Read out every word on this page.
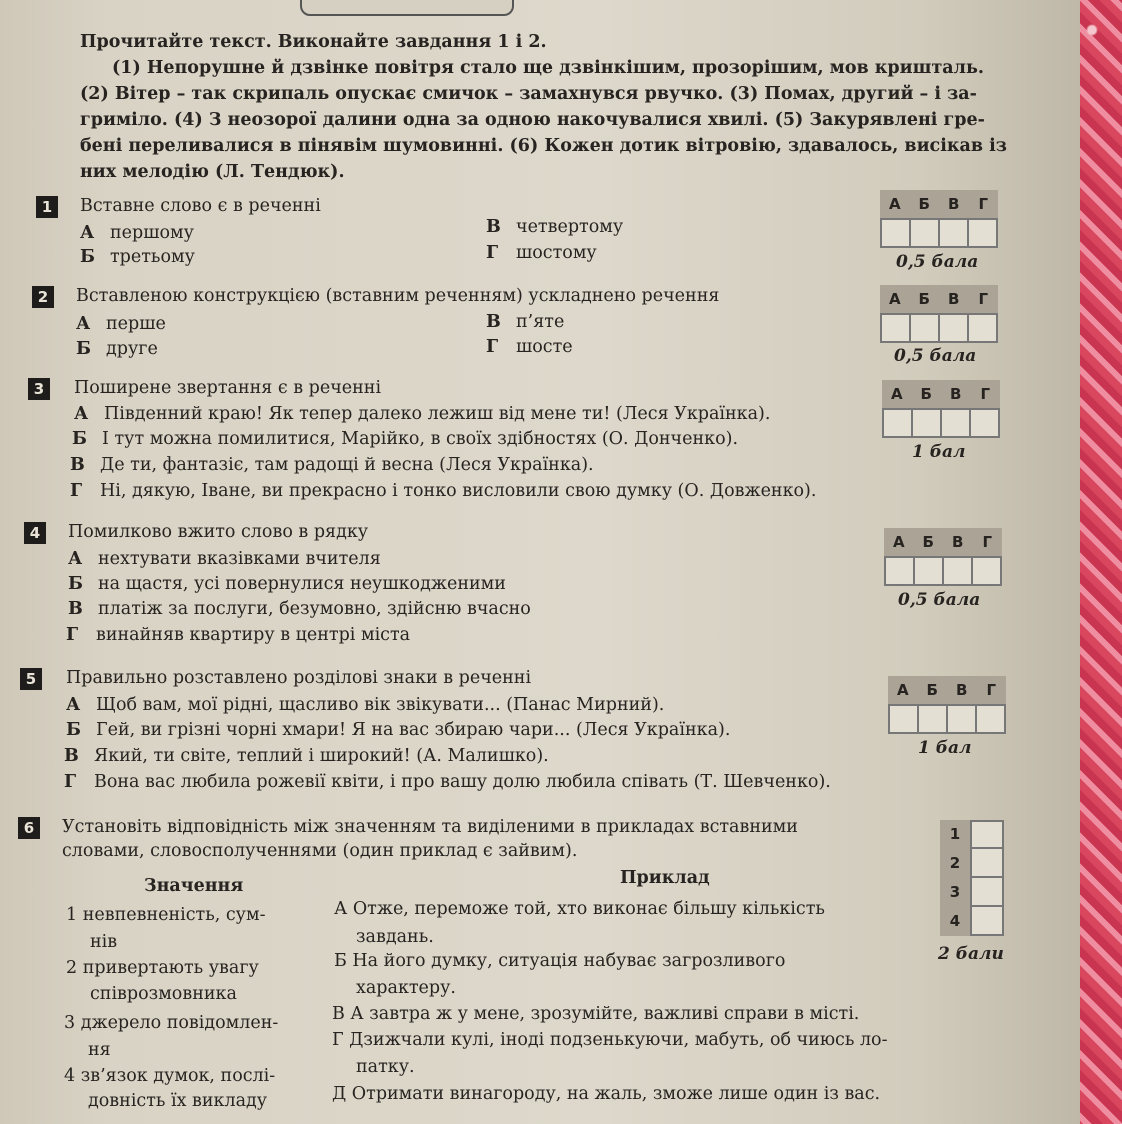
Прочитайте текст. Виконайте завдання 1 і 2.
(1) Непорушне й дзвінке повітря стало ще дзвінкішим, прозорішим, мов кришталь.
(2) Вітер – так скрипаль опускає смичок – замахнувся рвучко. (3) Помах, другий – і за-
гриміло. (4) З неозорої далини одна за одною накочувалися хвилі. (5) Закурявлені гре-
бені переливалися в пінявім шумовинні. (6) Кожен дотик вітровію, здавалось, висікав із
них мелодію (Л. Тендюк).
1	Вставне слово є в реченні
А першому
Б третьому
В четвертому
Г шостому
А	Б	В	Г
0,5 бала
2	Вставленою конструкцією (вставним реченням) ускладнено речення
А перше
Б друге
В п’яте
Г шосте
А	Б	В	Г
0,5 бала
3	Поширене звертання є в реченні
А Південний краю! Як тепер далеко лежиш від мене ти! (Леся Українка).
Б І тут можна помилитися, Марійко, в своїх здібностях (О. Донченко).
В Де ти, фантазіє, там радощі й весна (Леся Українка).
Г Ні, дякую, Іване, ви прекрасно і тонко висловили свою думку (О. Довженко).
А	Б	В	Г
1 бал
4	Помилково вжито слово в рядку
А нехтувати вказівками вчителя
Б на щастя, усі повернулися неушкодженими
В платіж за послуги, безумовно, здійсню вчасно
Г винайняв квартиру в центрі міста
А	Б	В	Г
0,5 бала
5	Правильно розставлено розділові знаки в реченні
А Щоб вам, мої рідні, щасливо вік звікувати... (Панас Мирний).
Б Гей, ви грізні чорні хмари! Я на вас збираю чари... (Леся Українка).
В Який, ти світе, теплий і широкий! (А. Малишко).
Г Вона вас любила рожевії квіти, і про вашу долю любила співать (Т. Шевченко).
А	Б	В	Г
1 бал
6	Установіть відповідність між значенням та виділеними в прикладах вставними
словами, словосполученнями (один приклад є зайвим).
Значення	Приклад
1 невпевненість, сум-
нів
2 привертають увагу
співрозмовника
3 джерело повідомлен-
ня
4 зв’язок думок, послі-
довність їх викладу
А Отже, переможе той, хто виконає більшу кількість
завдань.
Б На його думку, ситуація набуває загрозливого
характеру.
В А завтра ж у мене, зрозумійте, важливі справи в місті.
Г Дзижчали кулі, іноді подзенькуючи, мабуть, об чиюсь ло-
патку.
Д Отримати винагороду, на жаль, зможе лише один із вас.
1
2
3
4
2 бали
